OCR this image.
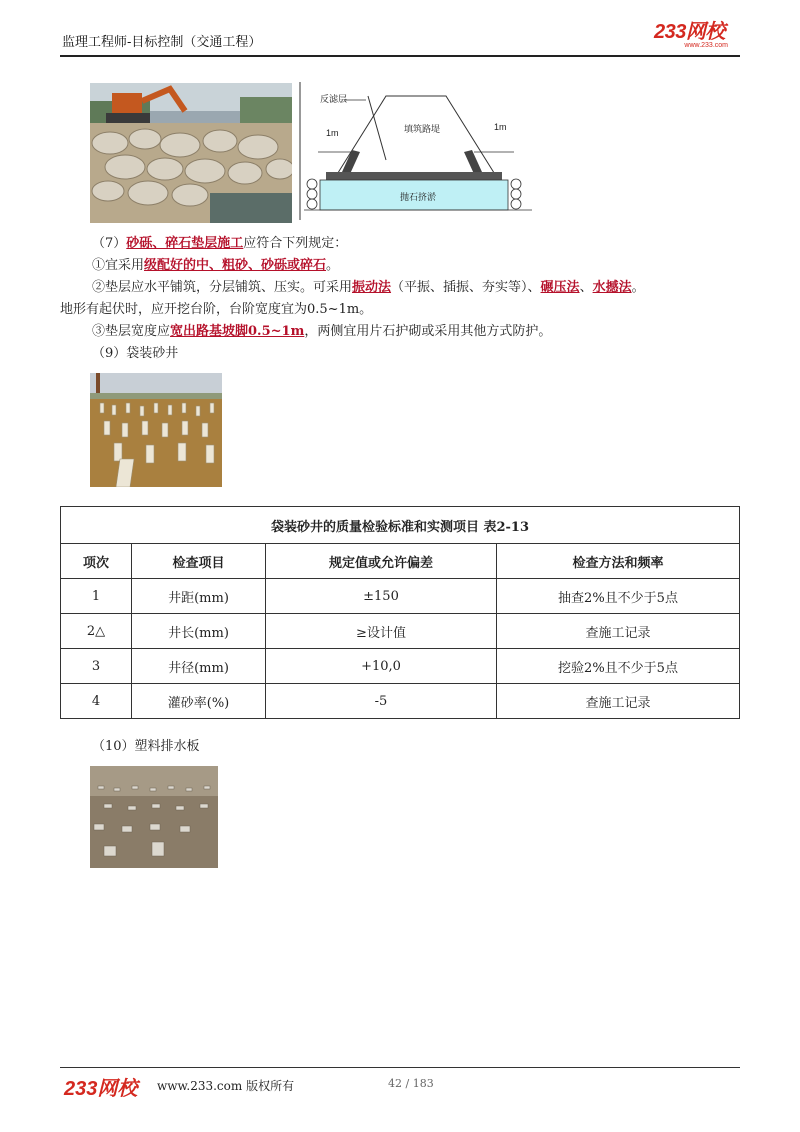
监理工程师-目标控制（交通工程）	233网校
www.233.com
反滤层
填筑路堤
1m
1m
抛石挤淤
（7）砂砾、碎石垫层施工应符合下列规定：
①宜采用级配好的中、粗砂、砂砾或碎石。
②垫层应水平铺筑，分层铺筑、压实。可采用振动法（平振、插振、夯实等）、碾压法、水撼法。
地形有起伏时，应开挖台阶，台阶宽度宜为0.5~1m。
③垫层宽度应宽出路基坡脚0.5~1m，两侧宜用片石护砌或采用其他方式防护。
（9）袋装砂井
袋装砂井的质量检验标准和实测项目 表2-13			
项次	检查项目	规定值或允许偏差	检查方法和频率
1	井距(mm)	±150	抽查2%且不少于5点
2△	井长(mm)	≥设计值	查施工记录
3	井径(mm)	+10,0	挖验2%且不少于5点
4	灌砂率(%)	-5	查施工记录
（10）塑料排水板
233网校 www.233.com 版权所有	42 / 183
